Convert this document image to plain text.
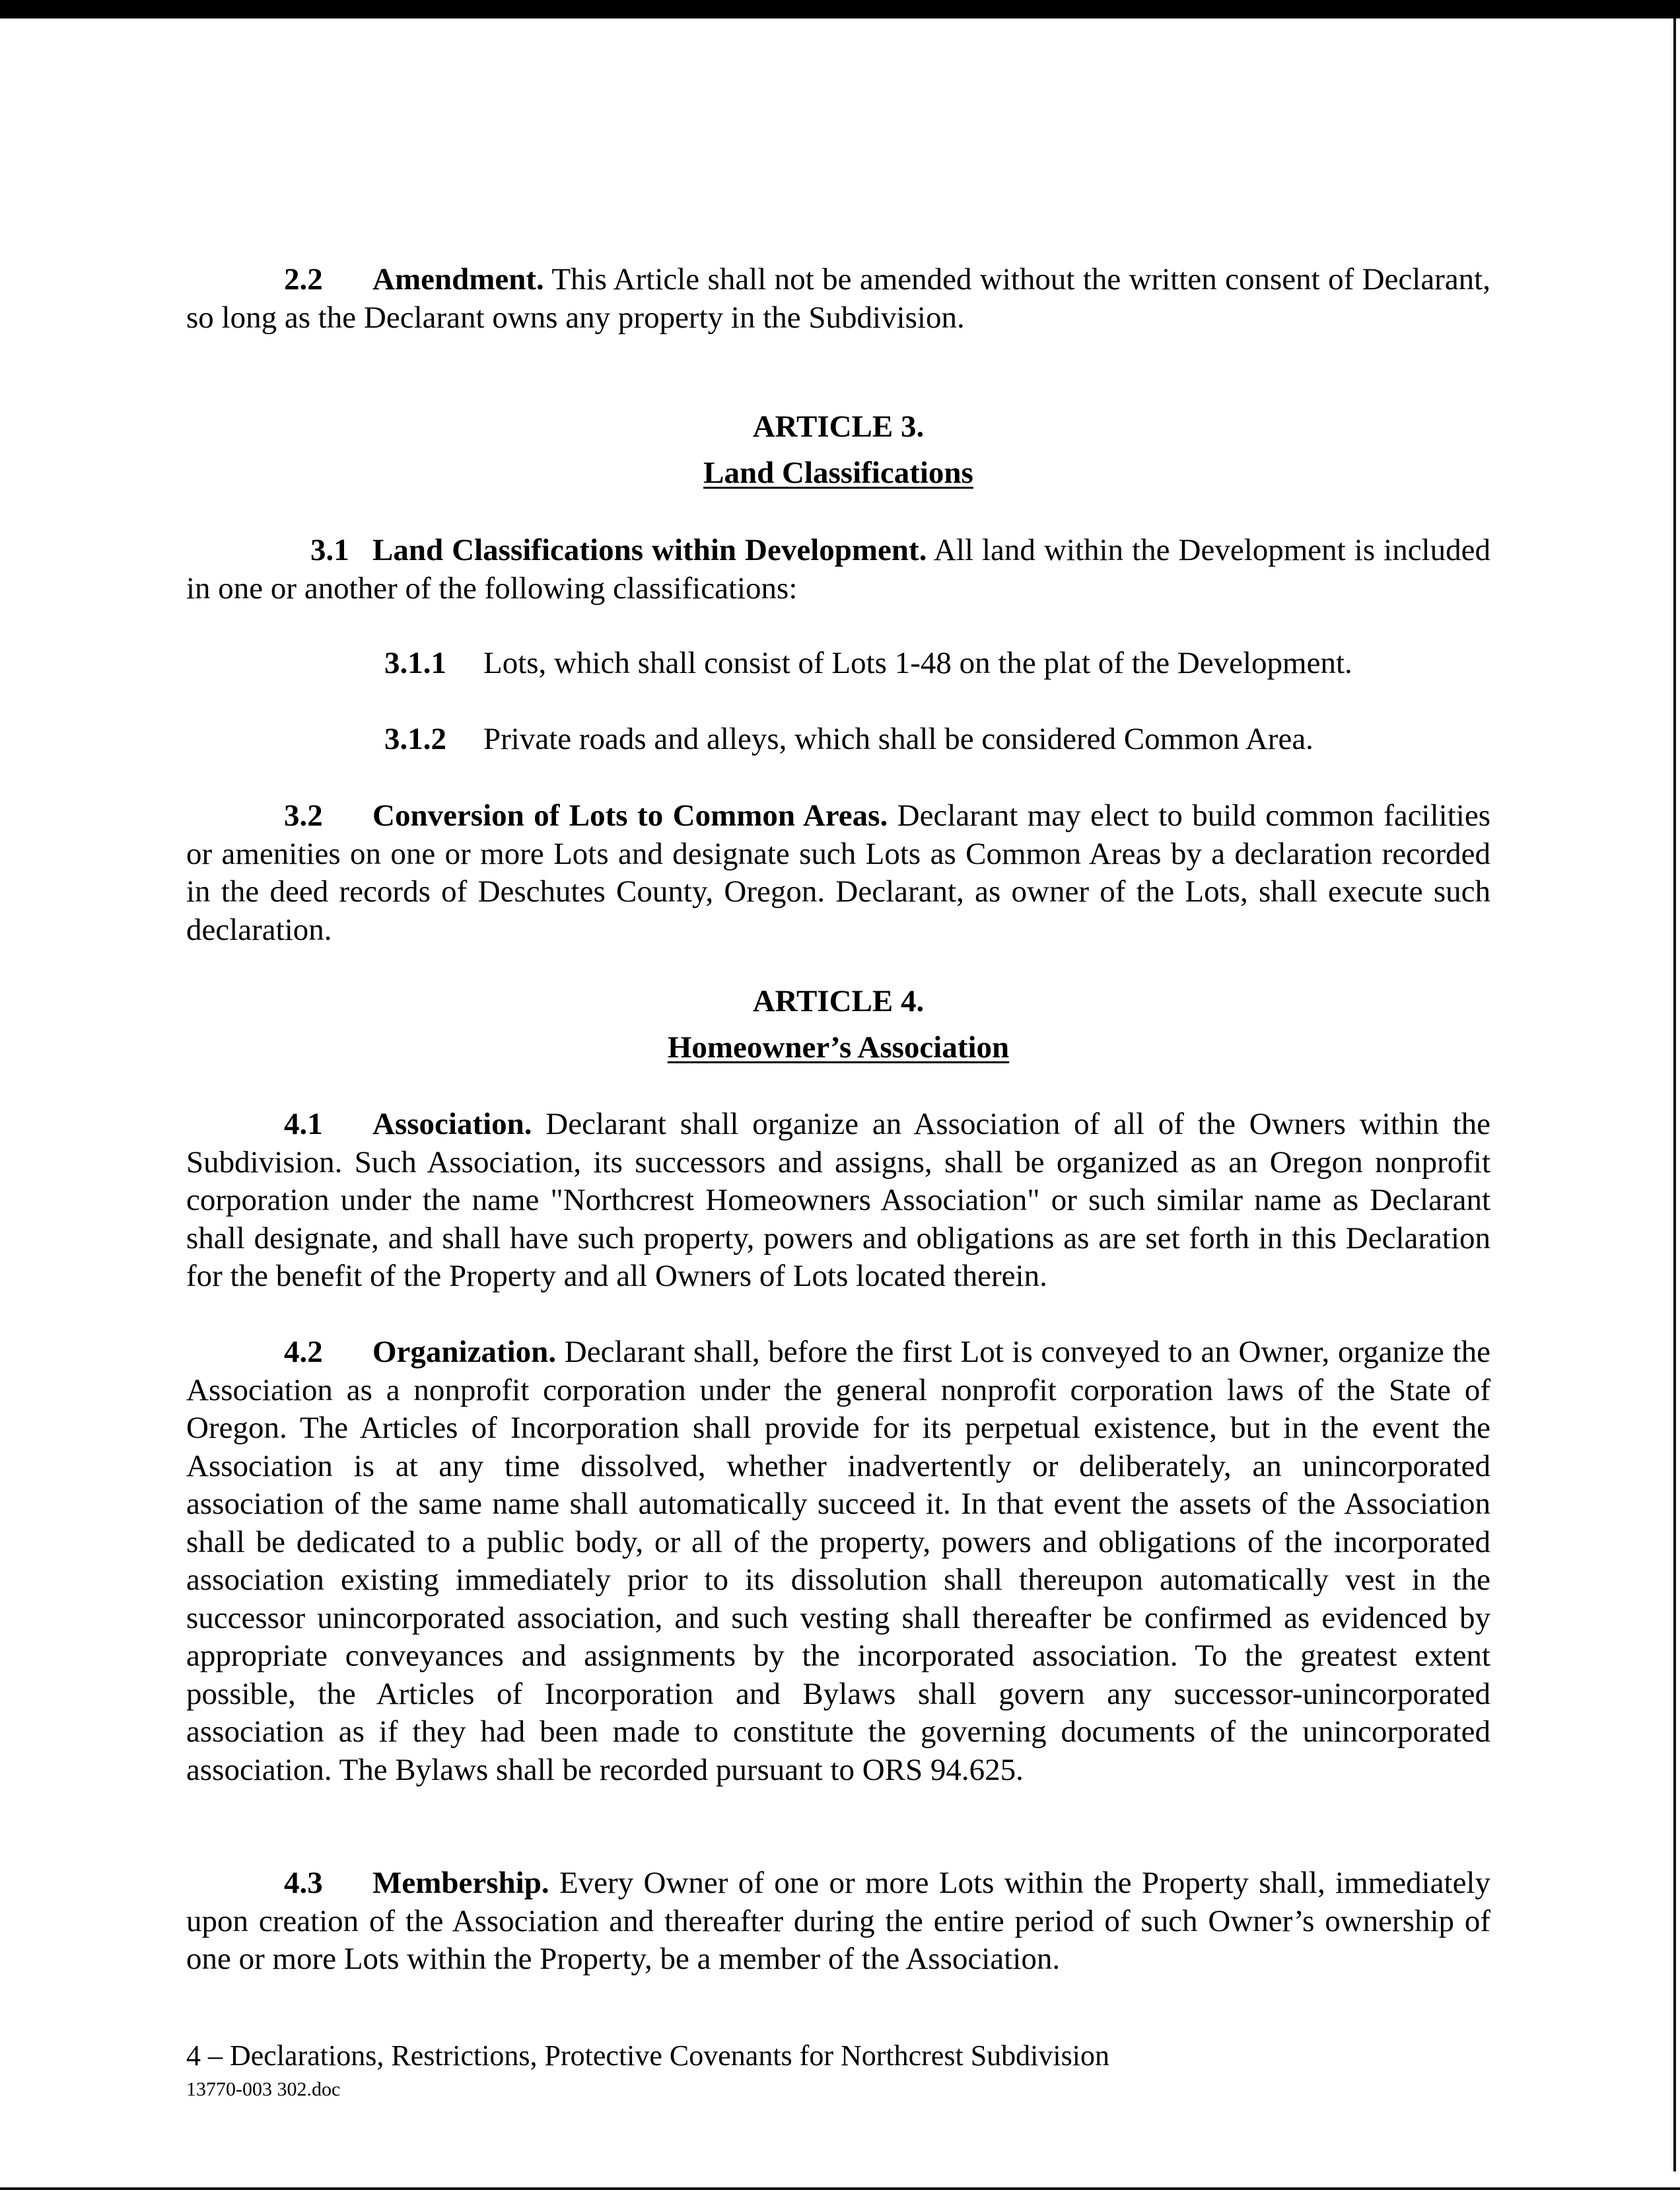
2.2 Amendment. This Article shall not be amended without the written consent of Declarant, so long as the Declarant owns any property in the Subdivision.
ARTICLE 3.
Land Classifications
3.1 Land Classifications within Development. All land within the Development is included in one or another of the following classifications:
3.1.1 Lots, which shall consist of Lots 1-48 on the plat of the Development.
3.1.2 Private roads and alleys, which shall be considered Common Area.
3.2 Conversion of Lots to Common Areas. Declarant may elect to build common facilities or amenities on one or more Lots and designate such Lots as Common Areas by a declaration recorded in the deed records of Deschutes County, Oregon. Declarant, as owner of the Lots, shall execute such declaration.
ARTICLE 4.
Homeowner’s Association
4.1 Association. Declarant shall organize an Association of all of the Owners within the Subdivision. Such Association, its successors and assigns, shall be organized as an Oregon nonprofit corporation under the name "Northcrest Homeowners Association" or such similar name as Declarant shall designate, and shall have such property, powers and obligations as are set forth in this Declaration for the benefit of the Property and all Owners of Lots located therein.
4.2 Organization. Declarant shall, before the first Lot is conveyed to an Owner, organize the Association as a nonprofit corporation under the general nonprofit corporation laws of the State of Oregon. The Articles of Incorporation shall provide for its perpetual existence, but in the event the Association is at any time dissolved, whether inadvertently or deliberately, an unincorporated association of the same name shall automatically succeed it. In that event the assets of the Association shall be dedicated to a public body, or all of the property, powers and obligations of the incorporated association existing immediately prior to its dissolution shall thereupon automatically vest in the successor unincorporated association, and such vesting shall thereafter be confirmed as evidenced by appropriate conveyances and assignments by the incorporated association. To the greatest extent possible, the Articles of Incorporation and Bylaws shall govern any successor-unincorporated association as if they had been made to constitute the governing documents of the unincorporated association. The Bylaws shall be recorded pursuant to ORS 94.625.
4.3 Membership. Every Owner of one or more Lots within the Property shall, immediately upon creation of the Association and thereafter during the entire period of such Owner’s ownership of one or more Lots within the Property, be a member of the Association.
4 – Declarations, Restrictions, Protective Covenants for Northcrest Subdivision
13770-003 302.doc
